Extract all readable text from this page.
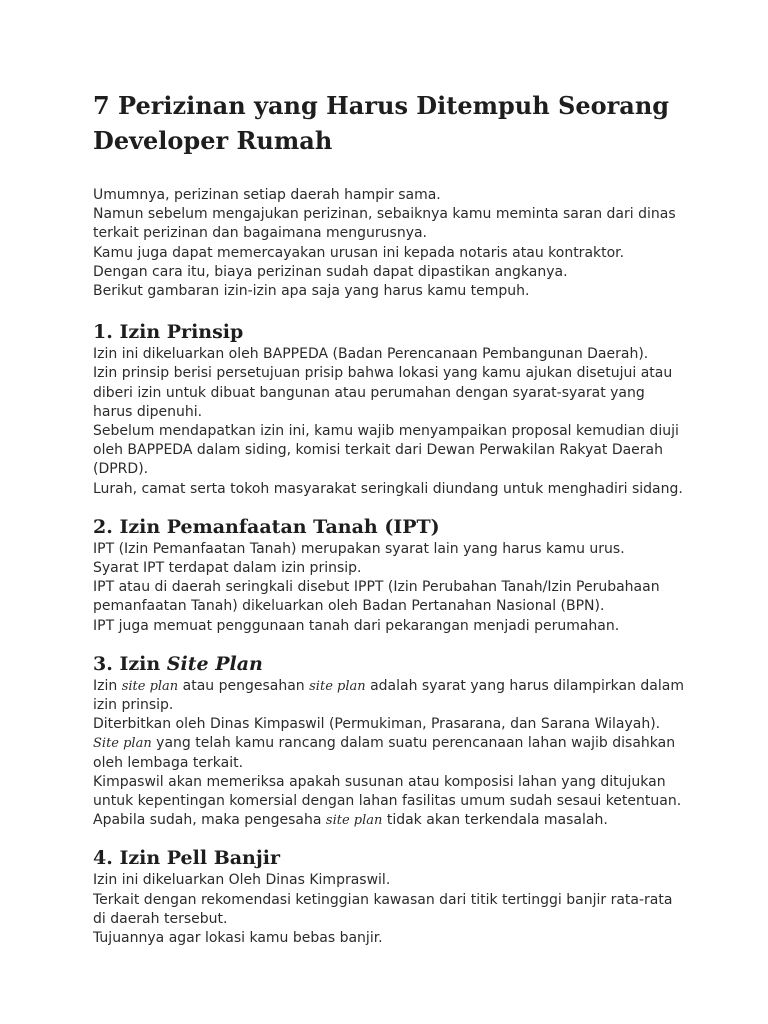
7 Perizinan yang Harus Ditempuh Seorang
Developer Rumah
Umumnya, perizinan setiap daerah hampir sama.
Namun sebelum mengajukan perizinan, sebaiknya kamu meminta saran dari dinas
terkait perizinan dan bagaimana mengurusnya.
Kamu juga dapat memercayakan urusan ini kepada notaris atau kontraktor.
Dengan cara itu, biaya perizinan sudah dapat dipastikan angkanya.
Berikut gambaran izin-izin apa saja yang harus kamu tempuh.
1. Izin Prinsip
Izin ini dikeluarkan oleh BAPPEDA (Badan Perencanaan Pembangunan Daerah).
Izin prinsip berisi persetujuan prisip bahwa lokasi yang kamu ajukan disetujui atau
diberi izin untuk dibuat bangunan atau perumahan dengan syarat-syarat yang
harus dipenuhi.
Sebelum mendapatkan izin ini, kamu wajib menyampaikan proposal kemudian diuji
oleh BAPPEDA dalam siding, komisi terkait dari Dewan Perwakilan Rakyat Daerah
(DPRD).
Lurah, camat serta tokoh masyarakat seringkali diundang untuk menghadiri sidang.
2. Izin Pemanfaatan Tanah (IPT)
IPT (Izin Pemanfaatan Tanah) merupakan syarat lain yang harus kamu urus.
Syarat IPT terdapat dalam izin prinsip.
IPT atau di daerah seringkali disebut IPPT (Izin Perubahan Tanah/Izin Perubahaan
pemanfaatan Tanah) dikeluarkan oleh Badan Pertanahan Nasional (BPN).
IPT juga memuat penggunaan tanah dari pekarangan menjadi perumahan.
3. Izin Site Plan
Izin site plan atau pengesahan site plan adalah syarat yang harus dilampirkan dalam
izin prinsip.
Diterbitkan oleh Dinas Kimpaswil (Permukiman, Prasarana, dan Sarana Wilayah).
Site plan yang telah kamu rancang dalam suatu perencanaan lahan wajib disahkan
oleh lembaga terkait.
Kimpaswil akan memeriksa apakah susunan atau komposisi lahan yang ditujukan
untuk kepentingan komersial dengan lahan fasilitas umum sudah sesaui ketentuan.
Apabila sudah, maka pengesaha site plan tidak akan terkendala masalah.
4. Izin Pell Banjir
Izin ini dikeluarkan Oleh Dinas Kimpraswil.
Terkait dengan rekomendasi ketinggian kawasan dari titik tertinggi banjir rata-rata
di daerah tersebut.
Tujuannya agar lokasi kamu bebas banjir.
